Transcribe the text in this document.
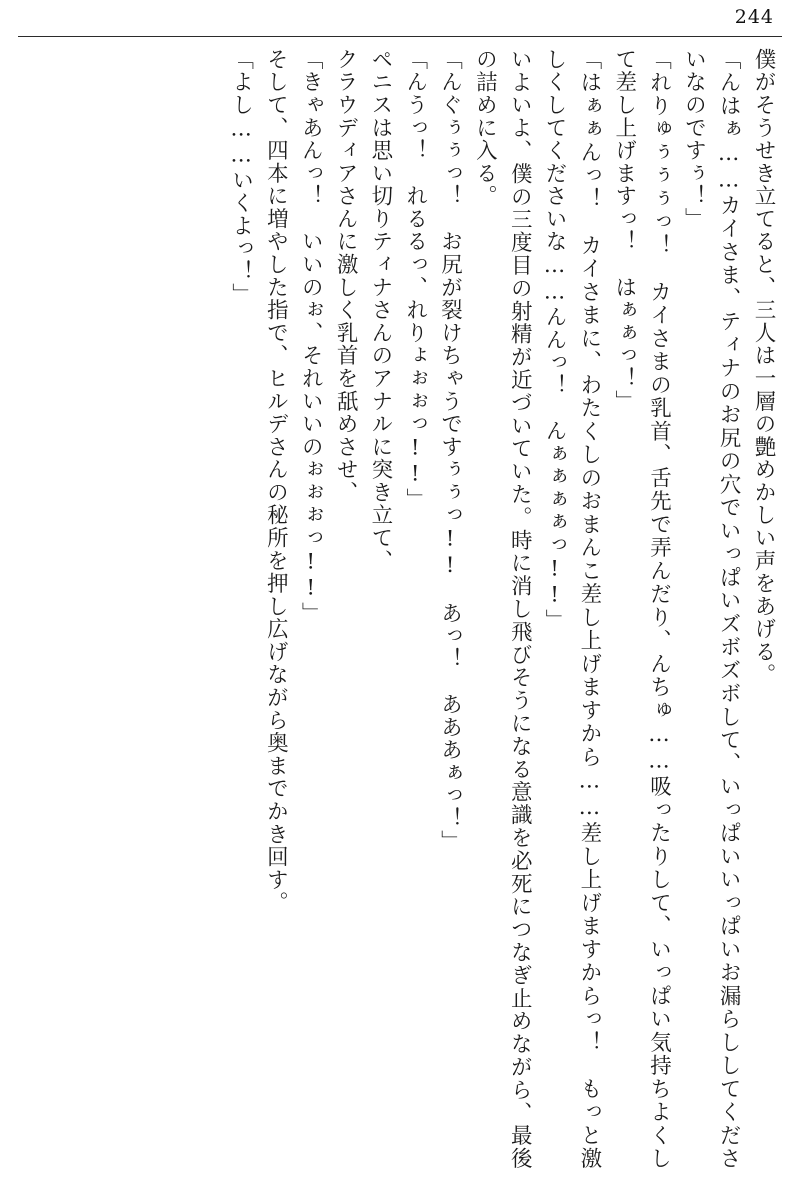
244

僕がそうせき立てると、三人は一層の艶めかしい声をあげる。

「んはぁ……カイさま、ティナのお尻の穴でいっぱいズボズボして、いっぱいいっぱいお漏らししてくださいなのですぅ！」

「れりゅぅぅぅっ！　カイさまの乳首、舌先で弄んだり、んちゅ……吸ったりして、いっぱい気持ちよくして差し上げますっ！　はぁぁっ！」

「はぁぁんっ！　カイさまに、わたくしのおまんこ差し上げますから……差し上げますからっ！　もっと激しくしてくださいな……んんっ！　んぁぁぁぁっ!!」

いよいよ、僕の三度目の射精が近づいていた。時に消し飛びそうになる意識を必死につなぎ止めながら、最後の詰めに入る。

「んぐぅぅっ！　お尻が裂けちゃうですぅぅっ!!　あっ！　あああぁっ！」

「んうっ！　れるるっ、れりょぉぉっ!!」

ペニスは思い切りティナさんのアナルに突き立て、

クラウディアさんに激しく乳首を舐めさせ、

「きゃあんっ！　いいのぉ、それいいのぉぉぉっ!!」

そして、四本に増やした指で、ヒルデさんの秘所を押し広げながら奥までかき回す。

「よし……いくよっ！」
